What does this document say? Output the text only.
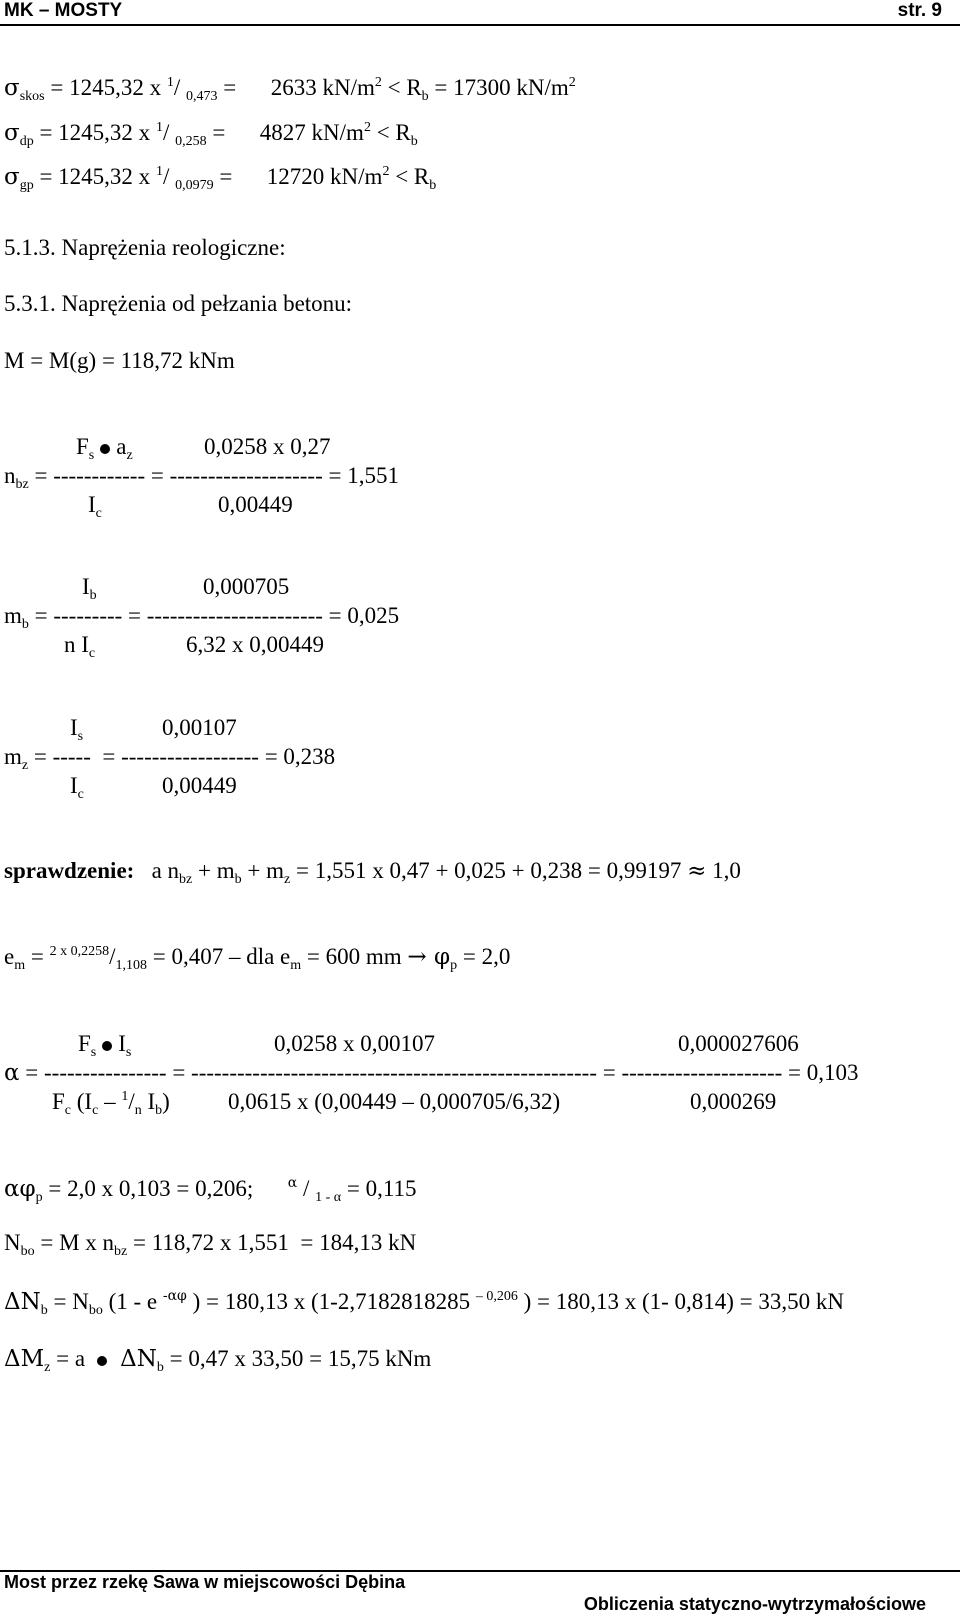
MK – MOSTY	str. 9
$\sigma_{skos} = 1245,32$ x $^1$/ $_{0,473}$ =      2633 $kN/m^2 < R_b = 17300$ $kN/m^2$
$\sigma_{dp} = 1245,32$ x $^1$/ $_{0,258}$ =      4827 $kN/m^2 < R_b$
$\sigma_{gp} = 1245,32$ x $^1$/ $_{0,0979}$ =      12720 $kN/m^2 < R_b$
5.1.3. Naprężenia reologiczne:
5.3.1. Naprężenia od pełzania betonu:
M = M(g) = 118,72 kNm
$F_s$ $a_z$	0,0258 x 0,27
$n_{bz}$ = ------------ = -------------------- = 1,551
$I_c$	0,00449
$I_b$	0,000705
$m_b$ = --------- = ----------------------- = 0,025
n $I_c$	6,32 x 0,00449
$I_s$	0,00107
$m_z$ = -----  = ------------------ = 0,238
$I_c$	0,00449
sprawdzenie: a $n_{bz} + m_b + m_z = 1,551$ x 0,47 + 0,025 + 0,238 = 0,99197 ≈ 1,0
$e_m = ^{2 x 0,2258}/_{1,108} = 0,407$ – dla $e_m = 600$ mm → $\varphi_p = 2,0$
$F_s$ $I_s$	0,0258 x 0,00107	0,000027606
α = ---------------- = ----------------------------------------------------- = --------------------- = 0,103
$F_c$ ($I_c - ^1/_n$ $I_b$)	0,0615 x (0,00449 – 0,000705/6,32)	0,000269
$\alpha\varphi_p = 2,0$ x 0,103 = 0,206;      $^\alpha$ / $_{1 - \alpha}$ = 0,115
$N_{bo} = M$ x $n_{bz} = 118,72$ x 1,551  = 184,13 kN
$\Delta N_b = N_{bo}$ (1 - e $^{-\alpha\varphi}$ ) = 180,13 x (1-2,7182818285 $^{- 0,206}$ ) = 180,13 x (1- 0,814) = 33,50 kN
$\Delta M_z = a$  $\Delta N_b = 0,47$ x 33,50 = 15,75 kNm
Most przez rzekę Sawa w miejscowości Dębina
Obliczenia statyczno-wytrzymałościowe
